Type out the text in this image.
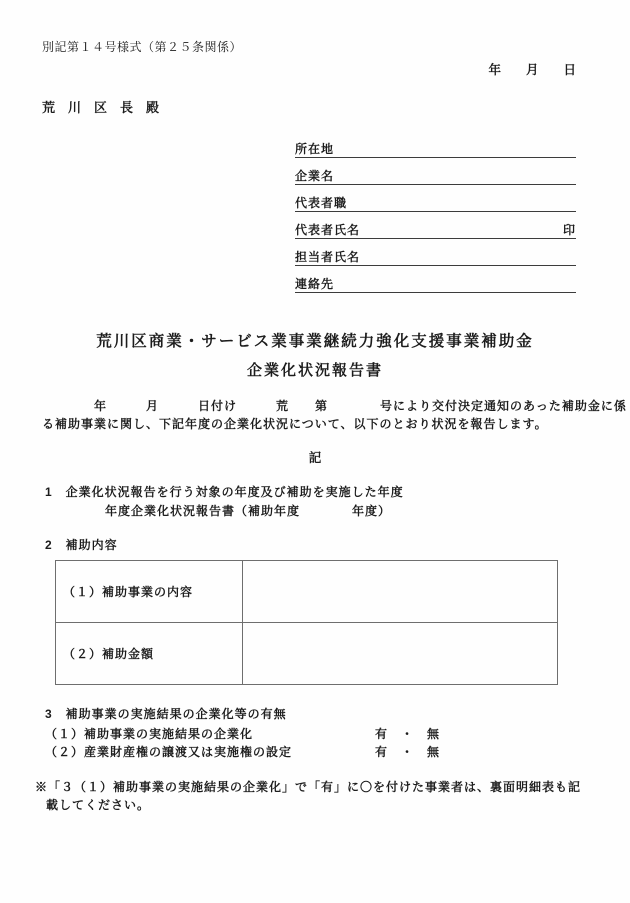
別記第１４号様式（第２５条関係）
年　　月　　日
荒　川　区　長　殿
所在地
企業名
代表者職
代表者氏名	印
担当者氏名
連絡先
荒川区商業・サービス業事業継続力強化支援事業補助金
企業化状況報告書
　　　　年　　　月　　　日付け　　　荒　　第　　　　号により交付決定通知のあった補助金に係
る補助事業に関し、下記年度の企業化状況について、以下のとおり状況を報告します。
記
1　企業化状況報告を行う対象の年度及び補助を実施した年度
年度企業化状況報告書（補助年度　　　　年度）
2　補助内容
（１）補助事業の内容
（２）補助金額
3　補助事業の実施結果の企業化等の有無
（１）補助事業の実施結果の企業化	有　・　無
（２）産業財産権の譲渡又は実施権の設定	有　・　無
※「３（１）補助事業の実施結果の企業化」で「有」に〇を付けた事業者は、裏面明細表も記
載してください。
